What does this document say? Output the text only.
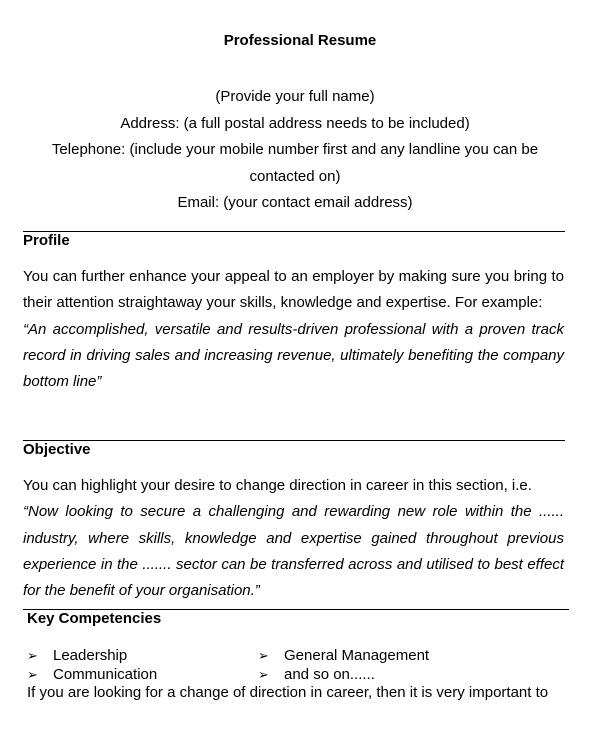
Professional Resume
(Provide your full name)
Address: (a full postal address needs to be included)
Telephone: (include your mobile number first and any landline you can be
contacted on)
Email: (your contact email address)
Profile
You can further enhance your appeal to an employer by making sure you bring to their attention straightaway your skills, knowledge and expertise. For example:
“An accomplished, versatile and results-driven professional with a proven track record in driving sales and increasing revenue, ultimately benefiting the company bottom line”
Objective
You can highlight your desire to change direction in career in this section, i.e.
“Now looking to secure a challenging and rewarding new role within the ...... industry, where skills, knowledge and expertise gained throughout previous experience in the ....... sector can be transferred across and utilised to best effect for the benefit of your organisation.”
Key Competencies
➢ Leadership
➢ Communication
➢ General Management
➢ and so on......
If you are looking for a change of direction in career, then it is very important to
